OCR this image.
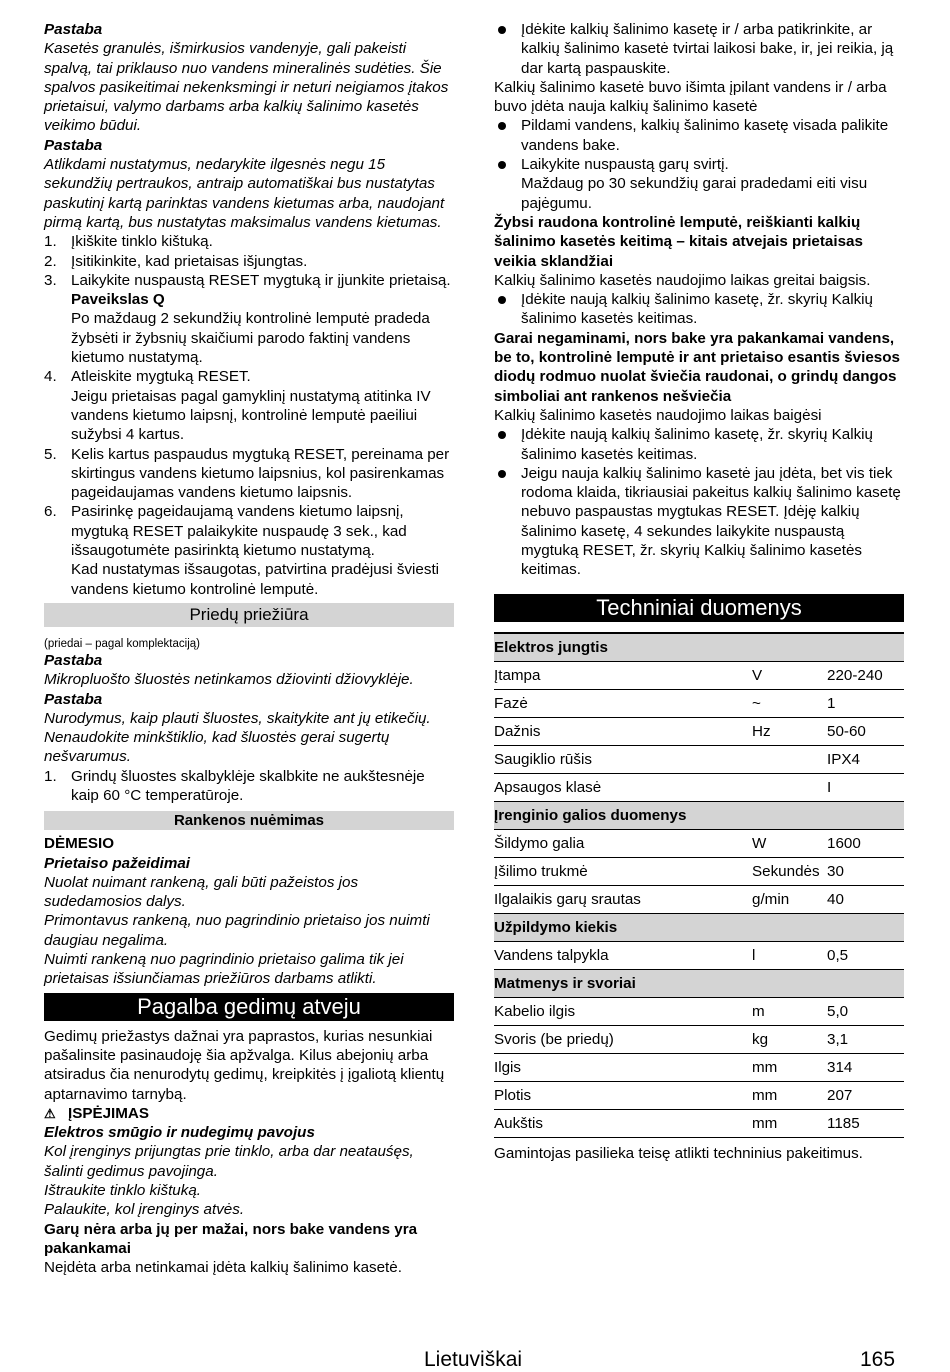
Pastaba

Kasetės granulės, išmirkusios vandenyje, gali pakeisti spalvą, tai priklauso nuo vandens mineralinės sudėties. Šie spalvos pasikeitimai nekenksmingi ir neturi neigiamos įtakos prietaisui, valymo darbams arba kalkių šalinimo kasetės veikimo būdui.

Pastaba

Atlikdami nustatymus, nedarykite ilgesnės negu 15 sekundžių pertraukos, antraip automatiškai bus nustatytas paskutinį kartą parinktas vandens kietumas arba, naudojant pirmą kartą, bus nustatytas maksimalus vandens kietumas.

1. Įkiškite tinklo kištuką.
2. Įsitikinkite, kad prietaisas išjungtas.
3. Laikykite nuspaustą RESET mygtuką ir įjunkite prietaisą.
Paveikslas Q
Po maždaug 2 sekundžių kontrolinė lemputė pradeda žybsėti ir žybsnių skaičiumi parodo faktinį vandens kietumo nustatymą.
4. Atleiskite mygtuką RESET.
Jeigu prietaisas pagal gamyklinį nustatymą atitinka IV vandens kietumo laipsnį, kontrolinė lemputė paeiliui sužybsi 4 kartus.
5. Kelis kartus paspaudus mygtuką RESET, pereinama per skirtingus vandens kietumo laipsnius, kol pasirenkamas pageidaujamas vandens kietumo laipsnis.
6. Pasirinkę pageidaujamą vandens kietumo laipsnį, mygtuką RESET palaikykite nuspaudę 3 sek., kad išsaugotumėte pasirinktą kietumo nustatymą.
Kad nustatymas išsaugotas, patvirtina pradėjusi šviesti vandens kietumo kontrolinė lemputė.
Priedų priežiūra
(priedai – pagal komplektaciją)

Pastaba

Mikropluošto šluostės netinkamos džiovinti džiovyklėje.

Pastaba

Nurodymus, kaip plauti šluostes, skaitykite ant jų etikečių. Nenaudokite minkštiklio, kad šluostės gerai sugertų nešvarumus.

1. Grindų šluostes skalbyklėje skalbkite ne aukštesnėje kaip 60 °C temperatūroje.
Rankenos nuėmimas

DĖMESIO

Prietaiso pažeidimai

Nuolat nuimant rankeną, gali būti pažeistos jos sudedamosios dalys.

Primontavus rankeną, nuo pagrindinio prietaiso jos nuimti daugiau negalima.

Nuimti rankeną nuo pagrindinio prietaiso galima tik jei prietaisas išsiunčiamas priežiūros darbams atlikti.

Pagalba gedimų atveju

Gedimų priežastys dažnai yra paprastos, kurias nesunkiai pašalinsite pasinaudoję šia apžvalga. Kilus abejonių arba atsiradus čia nenurodytų gedimų, kreipkitės į įgaliotą klientų aptarnavimo tarnybą.

⚠ ĮSPĖJIMAS

Elektros smūgio ir nudegimų pavojus

Kol įrenginys prijungtas prie tinklo, arba dar neatauśęs, šalinti gedimus pavojinga.

Ištraukite tinklo kištuką.

Palaukite, kol įrenginys atvės.

Garų nėra arba jų per mažai, nors bake vandens yra pakankamai

Neįdėta arba netinkamai įdėta kalkių šalinimo kasetė.

Įdėkite kalkių šalinimo kasetę ir / arba patikrinkite, ar kalkių šalinimo kasetė tvirtai laikosi bake, ir, jei reikia, ją dar kartą paspauskite.

Kalkių šalinimo kasetė buvo išimta įpilant vandens ir / arba buvo įdėta nauja kalkių šalinimo kasetė

Pildami vandens, kalkių šalinimo kasetę visada palikite vandens bake.
Laikykite nuspaustą garų svirtį.
Maždaug po 30 sekundžių garai pradedami eiti visu pajėgumu.

Žybsi raudona kontrolinė lemputė, reiškianti kalkių šalinimo kasetės keitimą – kitais atvejais prietaisas veikia sklandžiai

Kalkių šalinimo kasetės naudojimo laikas greitai baigsis.

Įdėkite naują kalkių šalinimo kasetę, žr. skyrių Kalkių šalinimo kasetės keitimas.

Garai negaminami, nors bake yra pakankamai vandens, be to, kontrolinė lemputė ir ant prietaiso esantis šviesos diodų rodmuo nuolat šviečia raudonai, o grindų dangos simboliai ant rankenos nešviečia

Kalkių šalinimo kasetės naudojimo laikas baigėsi

Įdėkite naują kalkių šalinimo kasetę, žr. skyrių Kalkių šalinimo kasetės keitimas.
Jeigu nauja kalkių šalinimo kasetė jau įdėta, bet vis tiek rodoma klaida, tikriausiai pakeitus kalkių šalinimo kasetę nebuvo paspaustas mygtukas RESET. Įdėję kalkių šalinimo kasetę, 4 sekundes laikykite nuspaustą mygtuką RESET, žr. skyrių Kalkių šalinimo kasetės keitimas.
Techniniai duomenys
Elektros jungtis		
Įtampa	V	220-240
Fazė	~	1
Dažnis	Hz	50-60
Saugiklio rūšis		IPX4
Apsaugos klasė		I
Įrenginio galios duomenys		
Šildymo galia	W	1600
Įšilimo trukmė	Sekundės	30
Ilgalaikis garų srautas	g/min	40
Užpildymo kiekis		
Vandens talpykla	l	0,5
Matmenys ir svoriai		
Kabelio ilgis	m	5,0
Svoris (be priedų)	kg	3,1
Ilgis	mm	314
Plotis	mm	207
Aukštis	mm	1185

Gamintojas pasilieka teisę atlikti techninius pakeitimus.

Lietuviškai	165
